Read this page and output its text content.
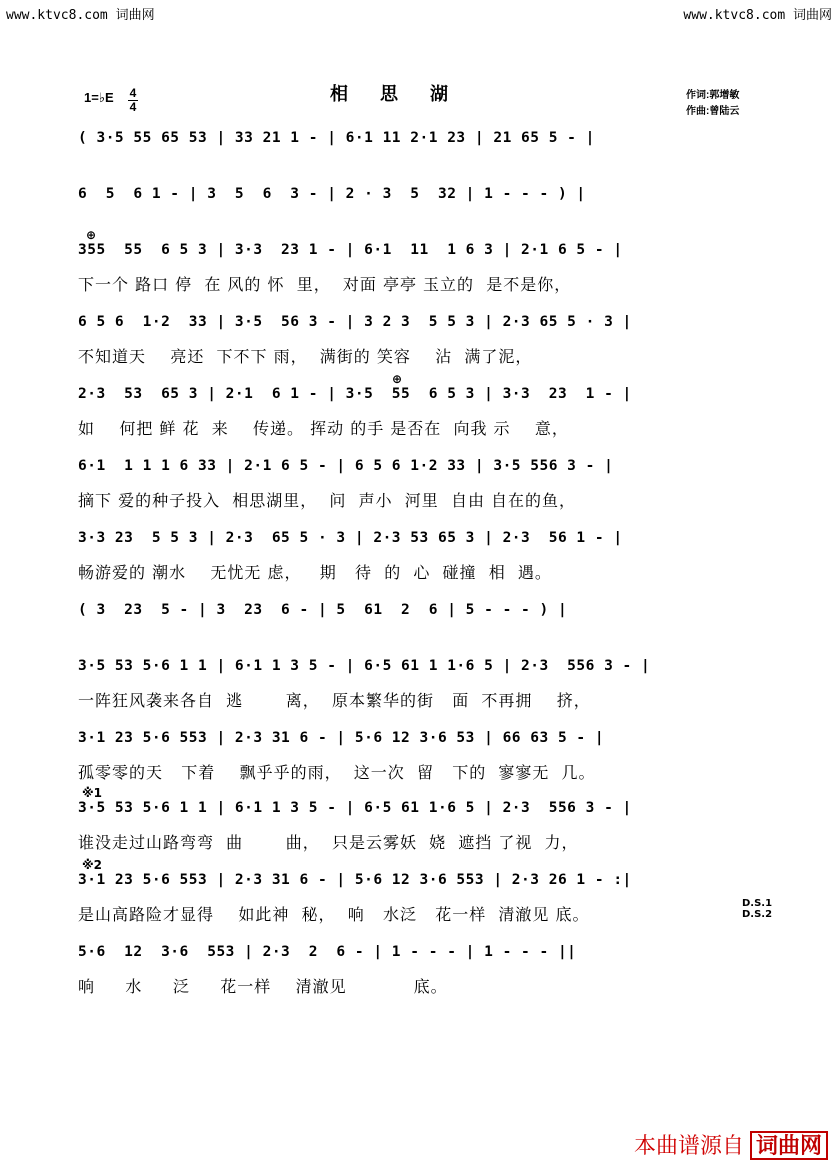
www.ktvc8.com 词曲网	www.ktvc8.com 词曲网
1=♭E 4
4
相思湖	作词:郭增敏
作曲:曾陆云
( 3·5 55 65 53 | 33 21 1 - | 6·1 11 2·1 23 | 21 65 5 - |
6  5  6 1 - | 3  5  6  3 - | 2 · 3  5  32 | 1 - - - ) |
⊕
355  55  6 5 3 | 3·3  23 1 - | 6·1  11  1 6 3 | 2·1 6 5 - |
下一个 路口 停  在 风的 怀  里，  对面 亭亭 玉立的  是不是你，
6 5 6  1·2  33 | 3·5  56 3 - | 3 2 3  5 5 3 | 2·3 65 5 · 3 |
不知道天    亮还  下不下 雨，  满街的 笑容    沾  满了泥，
⊕
2·3  53  65 3 | 2·1  6 1 - | 3·5  55  6 5 3 | 3·3  23  1 - |
如    何把 鲜 花  来    传递。 挥动 的手 是否在  向我 示    意，
6·1  1 1 1 6 33 | 2·1 6 5 - | 6 5 6 1·2 33 | 3·5 556 3 - |
摘下 爱的种子投入  相思湖里，  问  声小  河里  自由 自在的鱼，
3·3 23  5 5 3 | 2·3  65 5 · 3 | 2·3 53 65 3 | 2·3  56 1 - |
畅游爱的 潮水    无忧无 虑，   期   待  的  心  碰撞  相  遇。
( 3  23  5 - | 3  23  6 - | 5  61  2  6 | 5 - - - ) |
3·5 53 5·6 1 1 | 6·1 1 3 5 - | 6·5 61 1 1·6 5 | 2·3  556 3 - |
一阵狂风袭来各自  逃       离，  原本繁华的街   面  不再拥    挤，
3·1 23 5·6 553 | 2·3 31 6 - | 5·6 12 3·6 53 | 66 63 5 - |
孤零零的天   下着    飘乎乎的雨，  这一次  留   下的  寥寥无  几。
※1
3·5 53 5·6 1 1 | 6·1 1 3 5 - | 6·5 61 1·6 5 | 2·3  556 3 - |
谁没走过山路弯弯  曲       曲，  只是云雾妖  娆  遮挡 了视  力，
※2
3·1 23 5·6 553 | 2·3 31 6 - | 5·6 12 3·6 553 | 2·3 26 1 - :|
是山高路险才显得    如此神  秘，  响   水泛   花一样  清澈见 底。
D.S.1
D.S.2
5·6  12  3·6  553 | 2·3  2  6 - | 1 - - - | 1 - - - ||
响     水     泛     花一样    清澈见           底。
本曲谱源自 词曲网
